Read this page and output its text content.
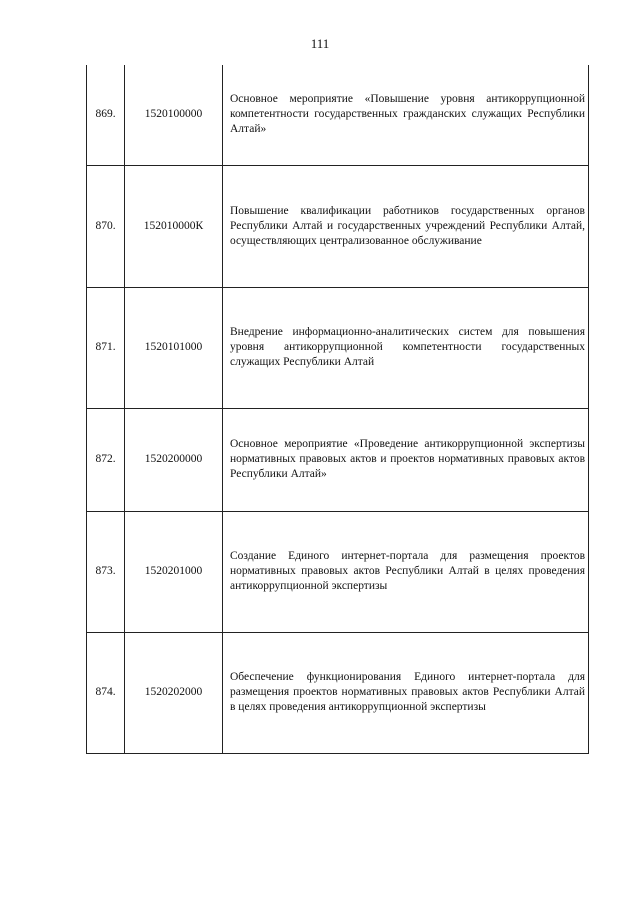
111
869.	1520100000	Основное мероприятие «Повышение уровня антикоррупционной компетентности государственных гражданских служащих Республики Алтай»

870.	152010000К	Повышение квалификации работников государственных органов Республики Алтай и государственных учреждений Республики Алтай, осуществляющих централизованное обслуживание

871.	1520101000	Внедрение информационно-аналитических систем для повышения уровня антикоррупционной компетентности государственных служащих Республики Алтай

872.	1520200000	Основное мероприятие «Проведение антикоррупционной экспертизы нормативных правовых актов и проектов нормативных правовых актов Республики Алтай»

873.	1520201000	Создание Единого интернет-портала для размещения проектов нормативных правовых актов Республики Алтай в целях проведения антикоррупционной экспертизы

874.	1520202000	Обеспечение функционирования Единого интернет-портала для размещения проектов нормативных правовых актов Республики Алтай в целях проведения антикоррупционной экспертизы
